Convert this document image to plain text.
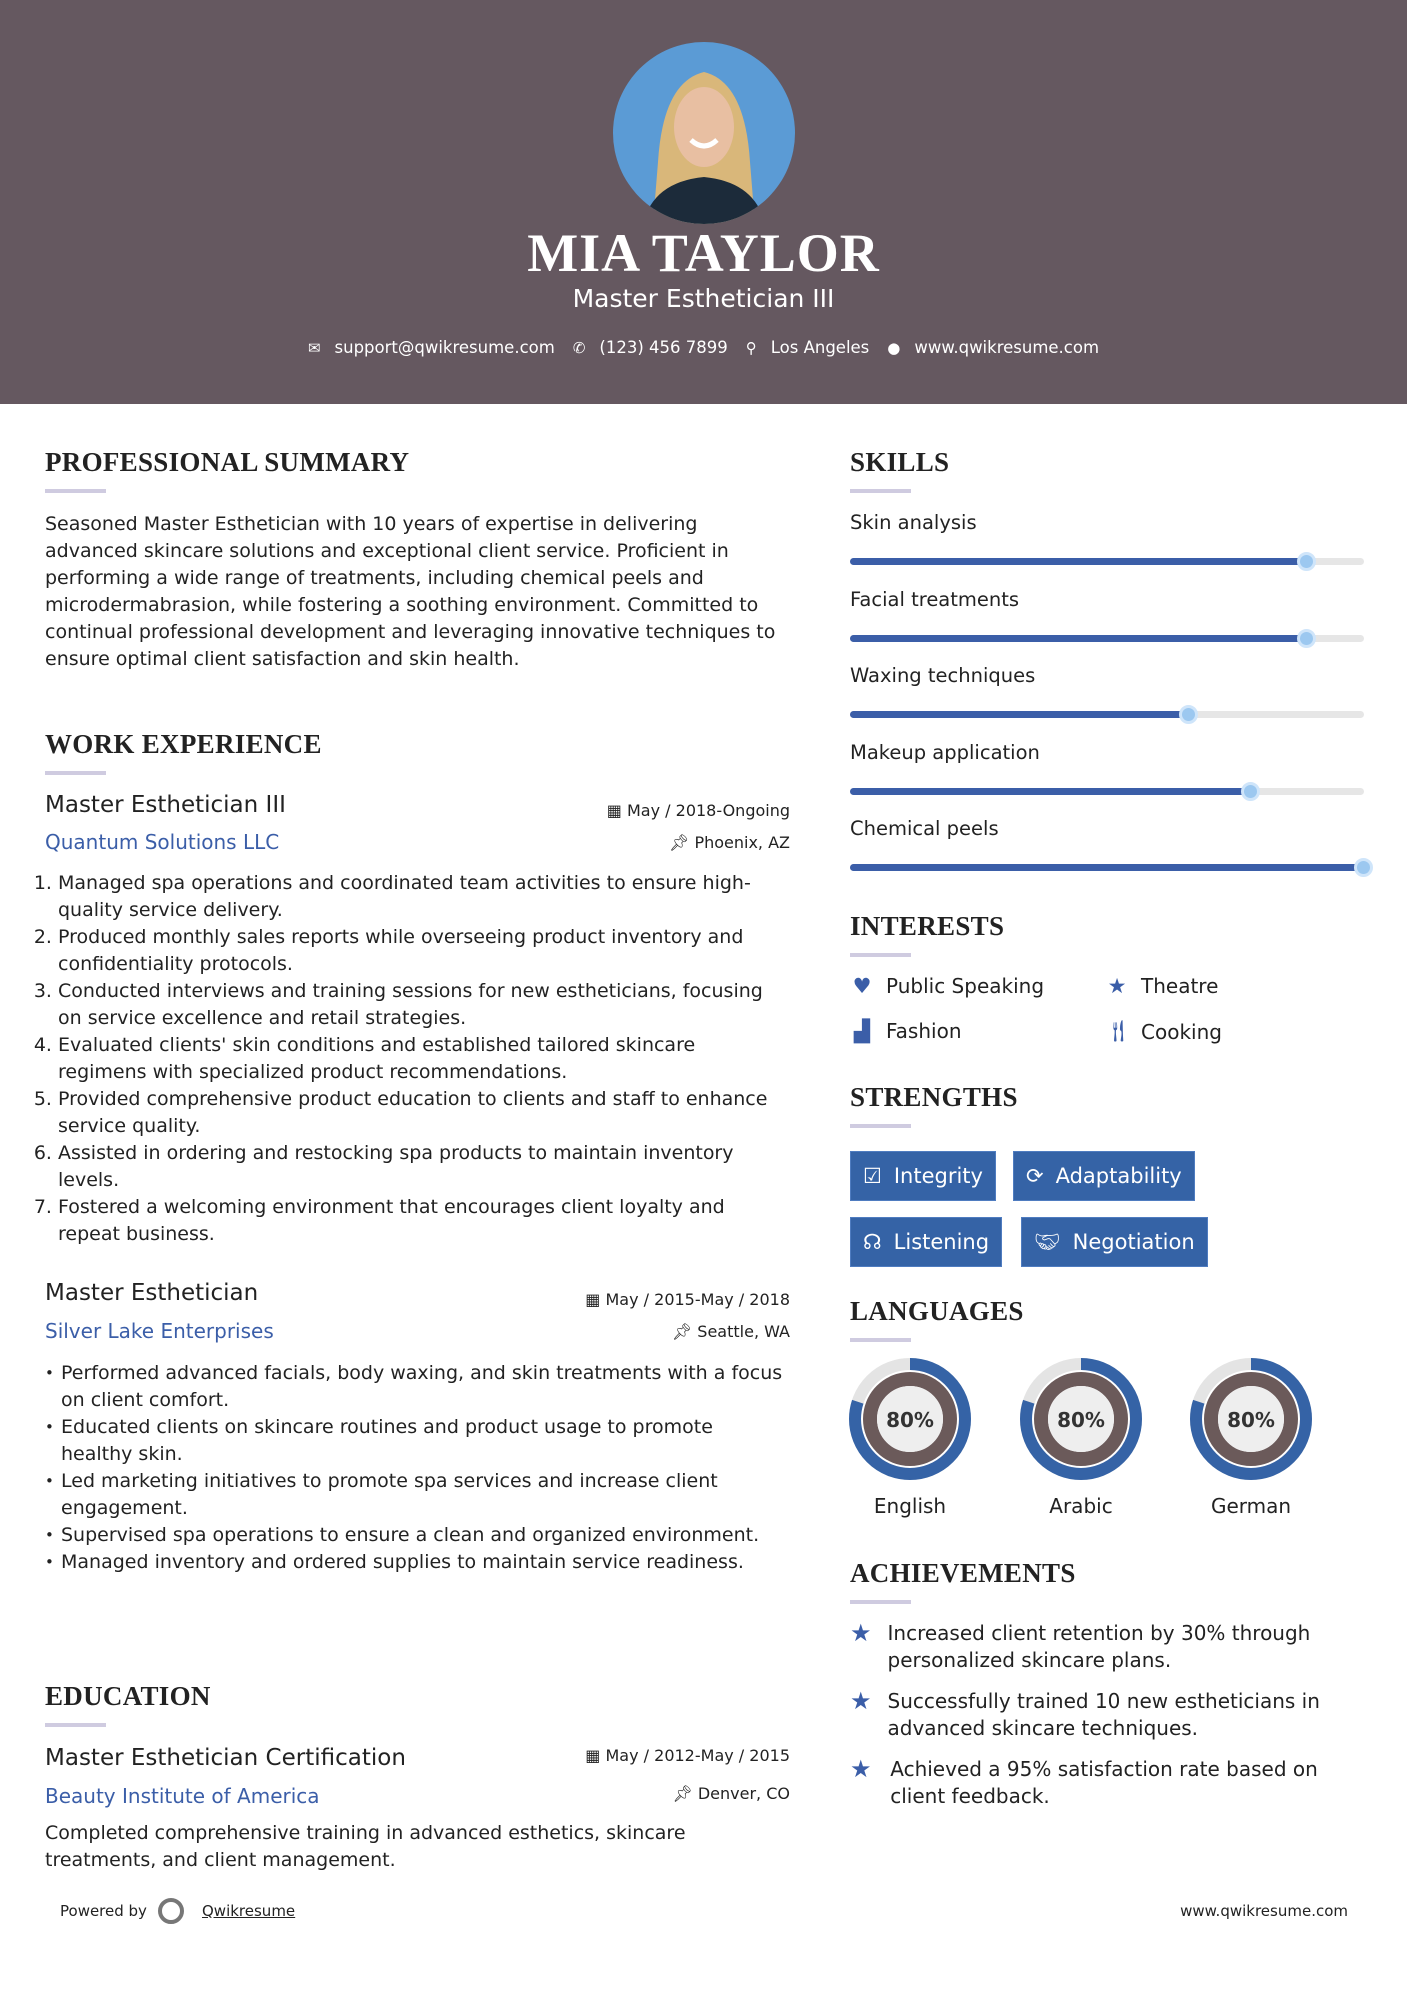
MIA TAYLOR
Master Esthetician III
✉ support@qwikresume.com ✆ (123) 456 7899 ⚲ Los Angeles ● www.qwikresume.com
PROFESSIONAL SUMMARY
Seasoned Master Esthetician with 10 years of expertise in delivering advanced skincare solutions and exceptional client service. Proficient in performing a wide range of treatments, including chemical peels and microdermabrasion, while fostering a soothing environment. Committed to continual professional development and leveraging innovative techniques to ensure optimal client satisfaction and skin health.
WORK EXPERIENCE
Master Esthetician III	▦ May / 2018-Ongoing
Quantum Solutions LLC	📌︎ Phoenix, AZ
1. Managed spa operations and coordinated team activities to ensure high-quality service delivery.
2. Produced monthly sales reports while overseeing product inventory and confidentiality protocols.
3. Conducted interviews and training sessions for new estheticians, focusing on service excellence and retail strategies.
4. Evaluated clients' skin conditions and established tailored skincare regimens with specialized product recommendations.
5. Provided comprehensive product education to clients and staff to enhance service quality.
6. Assisted in ordering and restocking spa products to maintain inventory levels.
7. Fostered a welcoming environment that encourages client loyalty and repeat business.
Master Esthetician	▦ May / 2015-May / 2018
Silver Lake Enterprises	📌︎ Seattle, WA
• Performed advanced facials, body waxing, and skin treatments with a focus on client comfort.
• Educated clients on skincare routines and product usage to promote healthy skin.
• Led marketing initiatives to promote spa services and increase client engagement.
• Supervised spa operations to ensure a clean and organized environment.
• Managed inventory and ordered supplies to maintain service readiness.
EDUCATION
Master Esthetician Certification	▦ May / 2012-May / 2015
Beauty Institute of America	📌︎ Denver, CO
Completed comprehensive training in advanced esthetics, skincare treatments, and client management.
SKILLS
Skin analysis
Facial treatments
Waxing techniques
Makeup application
Chemical peels
INTERESTS
♥ Public Speaking	★ Theatre
▟ Fashion	🍴︎ Cooking
STRENGTHS
☑ Integrity ⟳ Adaptability
☊ Listening 🤝︎ Negotiation
LANGUAGES
80%
English
80%
Arabic
80%
German
ACHIEVEMENTS
★ Increased client retention by 30% through personalized skincare plans.
★ Successfully trained 10 new estheticians in advanced skincare techniques.
★ Achieved a 95% satisfaction rate based on client feedback.
Powered by	Qwikresume	www.qwikresume.com
